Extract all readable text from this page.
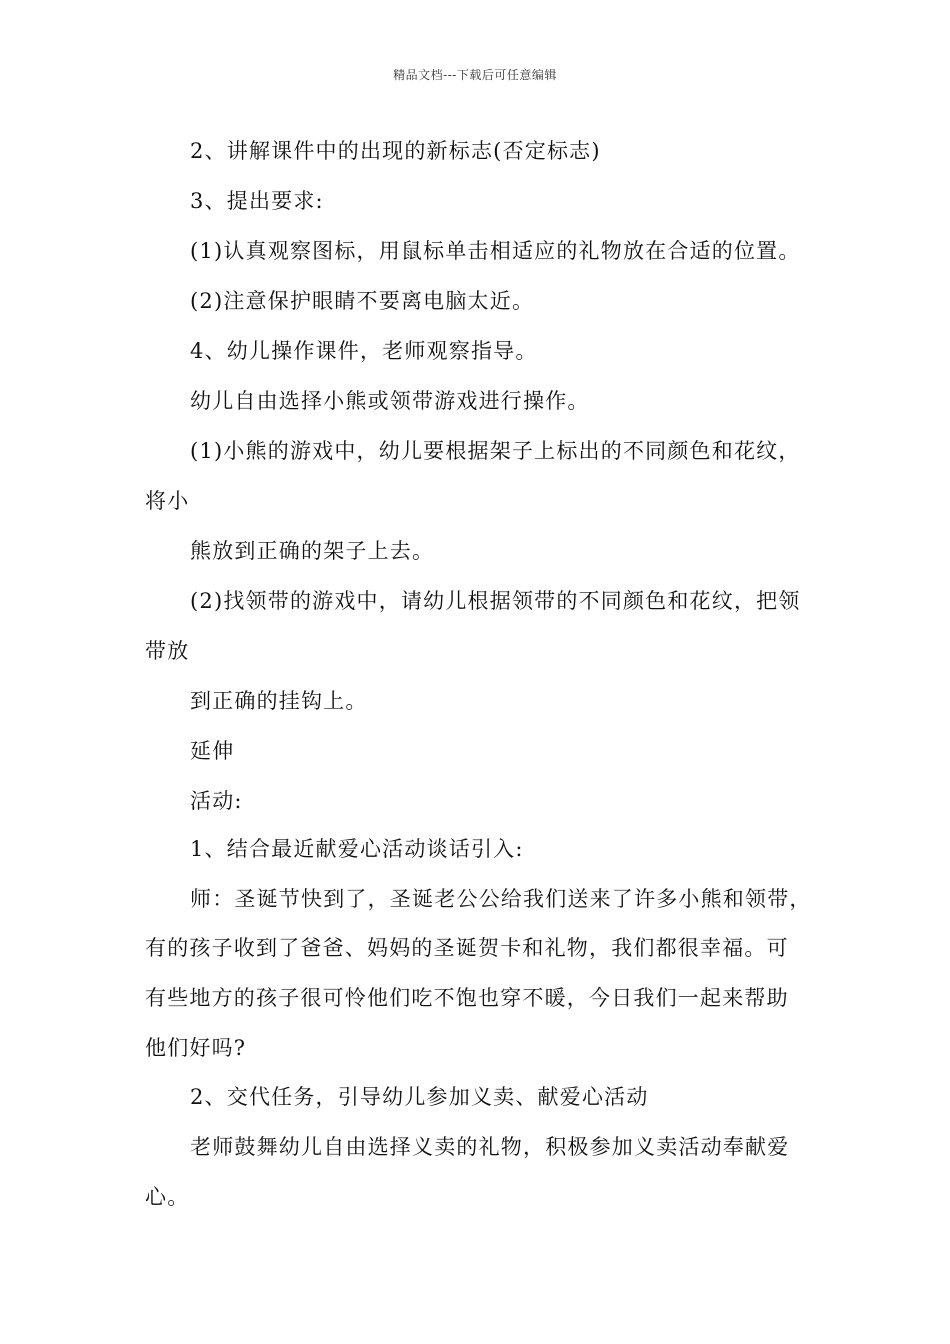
精品文档---下载后可任意编辑
2、讲解课件中的出现的新标志(否定标志)
3、提出要求:
(1)认真观察图标，用鼠标单击相适应的礼物放在合适的位置。
(2)注意保护眼睛不要离电脑太近。
4、幼儿操作课件，老师观察指导。
幼儿自由选择小熊或领带游戏进行操作。
(1)小熊的游戏中，幼儿要根据架子上标出的不同颜色和花纹，
将小
熊放到正确的架子上去。
(2)找领带的游戏中，请幼儿根据领带的不同颜色和花纹，把领
带放
到正确的挂钩上。
延伸
活动:
1、结合最近献爱心活动谈话引入:
师：圣诞节快到了，圣诞老公公给我们送来了许多小熊和领带，
有的孩子收到了爸爸、妈妈的圣诞贺卡和礼物，我们都很幸福。可
有些地方的孩子很可怜他们吃不饱也穿不暖，今日我们一起来帮助
他们好吗?
2、交代任务，引导幼儿参加义卖、献爱心活动
老师鼓舞幼儿自由选择义卖的礼物，积极参加义卖活动奉献爱
心。
